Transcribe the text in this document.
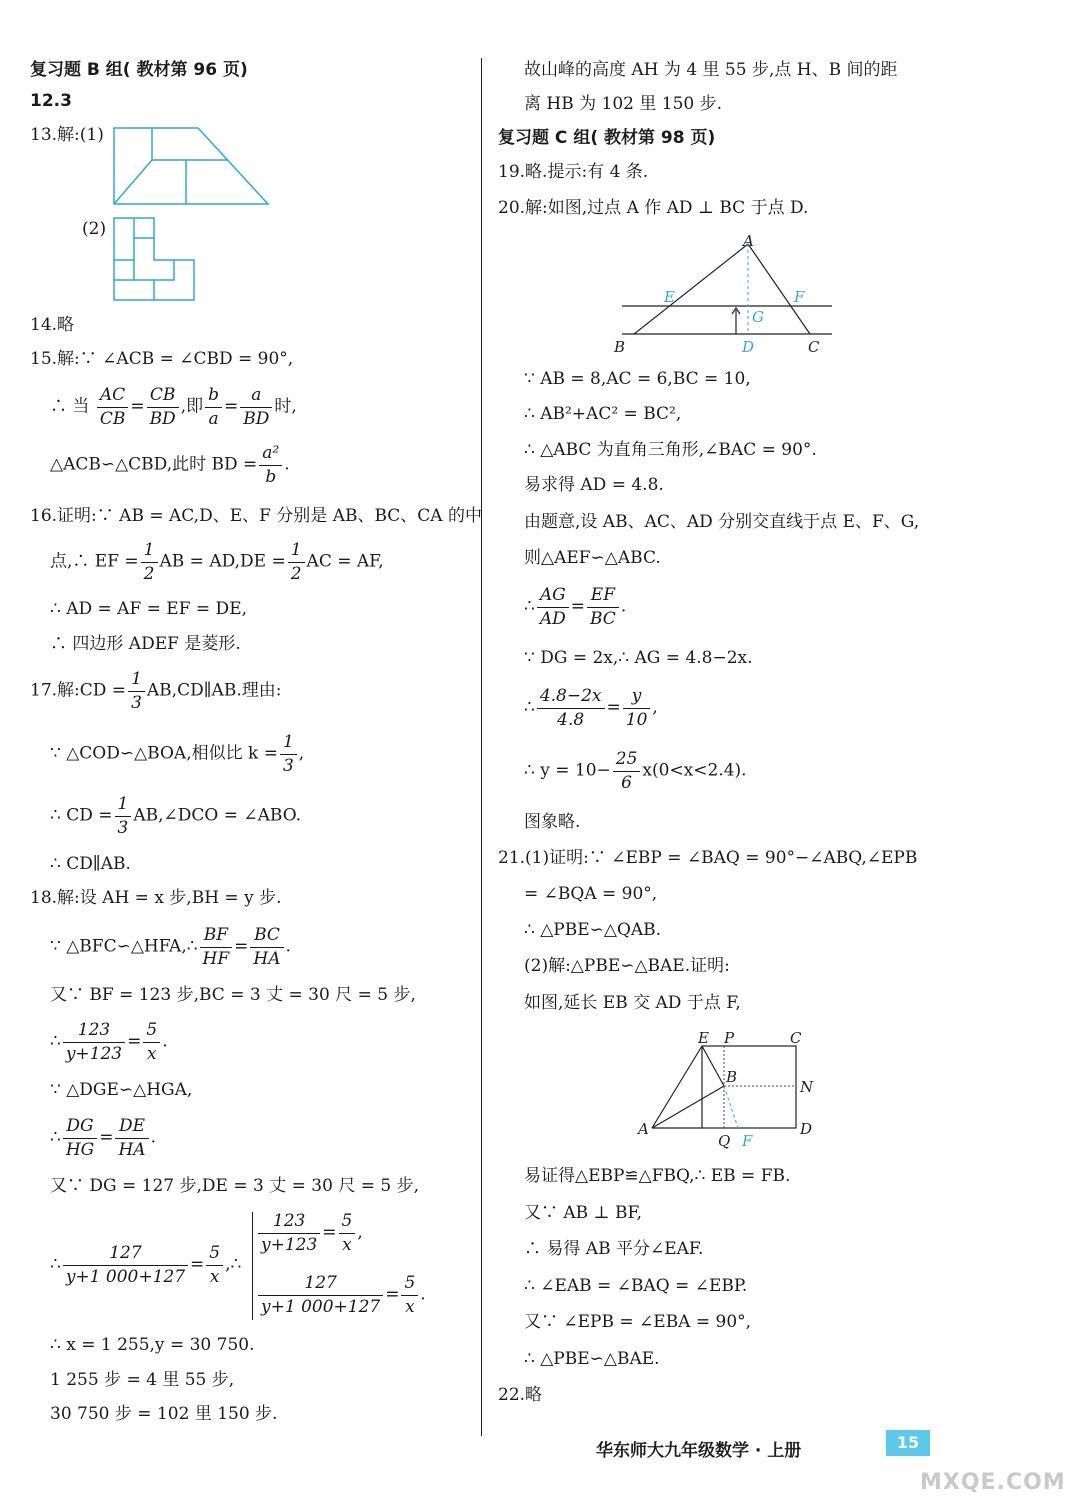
复习题 B 组( 教材第 96 页)
12.3
13.解:(1)
(2)
14.略
15.解:∵ ∠ACB = ∠CBD = 90°,
∴ 当 $\frac{AC}{CB} = \frac{CB}{BD}$ ,即 $\frac{b}{a} = \frac{a}{BD}$ 时,
△ACB∽△CBD,此时 BD = $\frac{\text{a²}}{b}$ .
16.证明:∵ AB = AC,D、E、F 分别是 AB、BC、CA 的中
点,∴ EF = $\frac{1}{2}$ AB = $AD,DE = \frac{1}{2}$ AC = AF,
∴ AD = AF = EF = DE,
∴ 四边形 ADEF 是菱形.
17.解:CD = $\frac{1}{3}$ AB,CD∥AB.理由:
∵ △COD∽△BOA,相似比 $k = \frac{1}{3}$ ,
∴ CD = $\frac{1}{3}$ AB,∠DCO = ∠ABO.
∴ CD∥AB.
18.解:设 AH = x 步,BH = y 步.
∵ △BFC∽△HFA,∴ $\frac{BF}{HF} = \frac{BC}{HA}$ .
又∵ BF = 123 步,BC = 3 丈 = 30 尺 = 5 步,
∴ $\frac{123}{y+123} = \frac{5}{x}$ .
∵ △DGE∽△HGA,
∴ $\frac{DG}{HG} = \frac{DE}{HA}$ .
又∵ DG = 127 步,DE = 3 丈 = 30 尺 = 5 步,
∴ $\frac{127}{y+1 000+127} = \frac{5}{x}$ ,∴
$\frac{123}{y+123} = \frac{5}{x}$ ,
$\frac{127}{y+1 000+127} = \frac{5}{x}$ .
∴ x = 1 255,y = 30 750.
1 255 步 = 4 里 55 步,
30 750 步 = 102 里 150 步.
故山峰的高度 AH 为 4 里 55 步,点 H、B 间的距
离 HB 为 102 里 150 步.
复习题 C 组( 教材第 98 页)
19.略.提示:有 4 条.
20.解:如图,过点 A 作 AD ⊥ BC 于点 D.
A
B	C
D
E	F
G
∵ AB = 8,AC = 6,BC = 10,
∴ AB²+AC² = BC²,
∴ △ABC 为直角三角形,∠BAC = 90°.
易求得 AD = 4.8.
由题意,设 AB、AC、AD 分别交直线于点 E、F、G,
则△AEF∽△ABC.
∴ $\frac{AG}{AD} = \frac{EF}{BC}$ .
∵ DG = 2x,∴ AG = 4.8−2x.
∴ $\frac{4.8-2x}{4.8} = \frac{y}{10}$ ,
∴ $y = 10- \frac{25}{6} x(0<x<2.4)$.
图象略.
21.(1)证明:∵ ∠EBP = ∠BAQ = 90°−∠ABQ,∠EPB
= ∠BQA = 90°,
∴ △PBE∽△QAB.
(2)解:△PBE∽△BAE.证明:
如图,延长 EB 交 AD 于点 F,
E P	C
B
N
A
Q F
D
易证得△EBP≌△FBQ,∴ EB = FB.
又∵ AB ⊥ BF,
∴ 易得 AB 平分∠EAF.
∴ ∠EAB = ∠BAQ = ∠EBP.
又∵ ∠EPB = ∠EBA = 90°,
∴ △PBE∽△BAE.
22.略
华东师大九年级数学 · 上册	15
MXQE.COM
